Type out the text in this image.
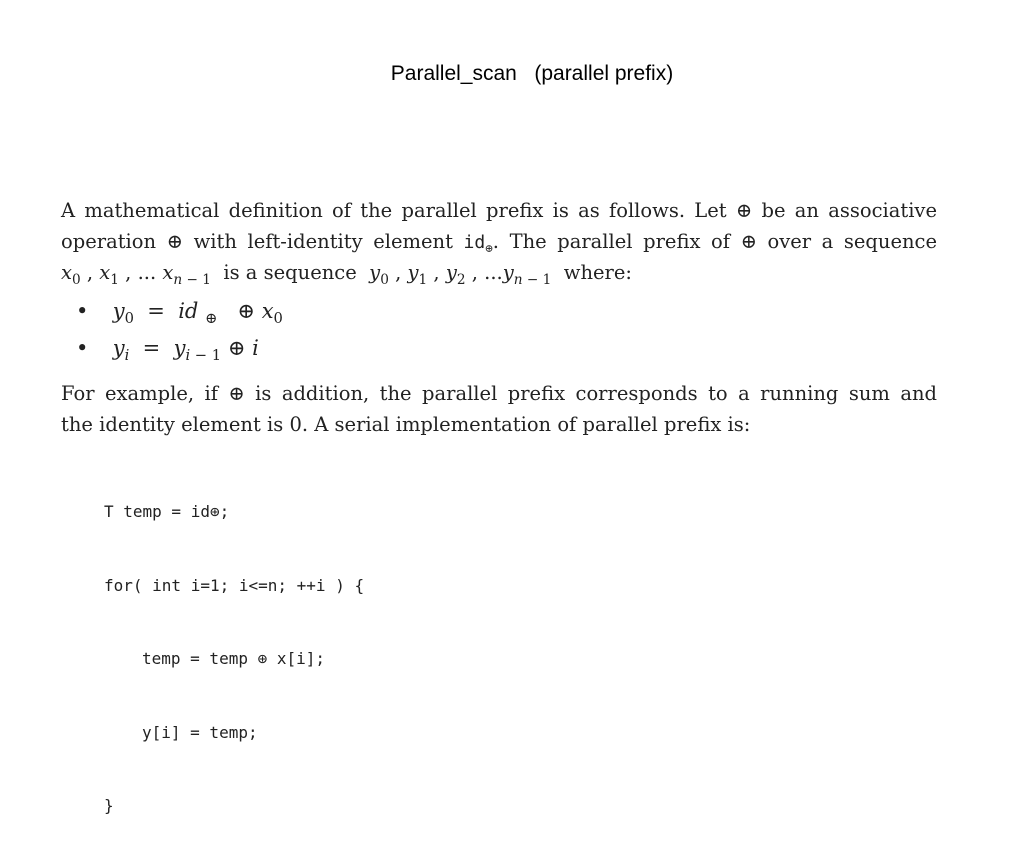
Parallel_scan   (parallel prefix)
A mathematical definition of the parallel prefix is as follows. Let ⊕ be an associative
operation ⊕ with left-identity element $id_\oplus$. The parallel prefix of ⊕ over a sequence
$x_0$ , $x_1$ , ... $x_{n - 1}$  is a sequence  $y_0$ , $y_1$ , $y_2$ , $...y_{n - 1}$  where:
• $y_0$  =  id $_\oplus$   ⊕ $x_0$
• $y_i = y_{i - 1}$ ⊕ i
For example, if ⊕ is addition, the parallel prefix corresponds to a running sum and
the identity element is 0. A serial implementation of parallel prefix is:

T temp = id⊕;

for( int i=1; i<=n; ++i ) {

temp = temp ⊕ x[i];

y[i] = temp;

}
